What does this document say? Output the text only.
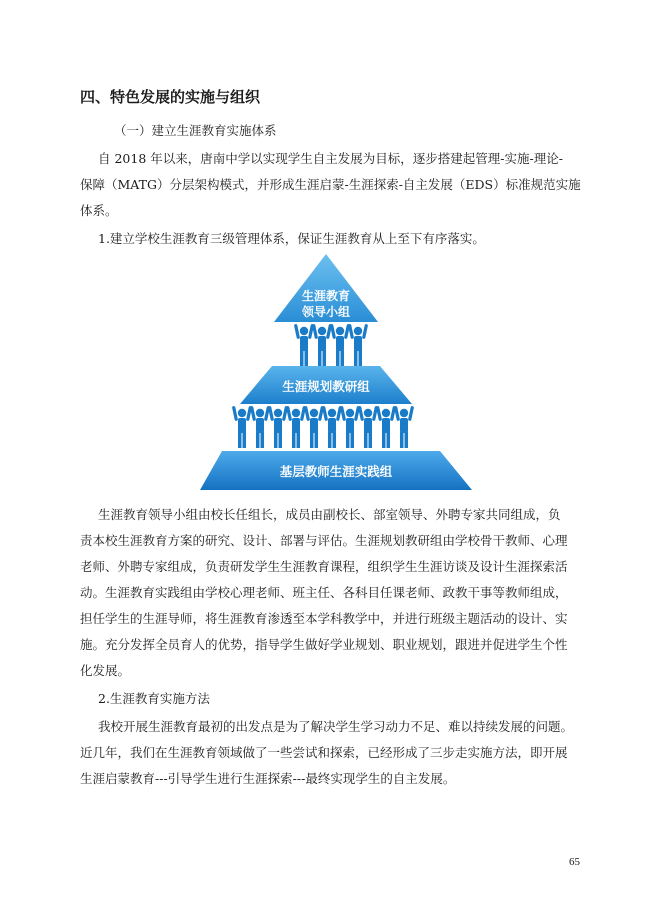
四、特色发展的实施与组织
（一）建立生涯教育实施体系
自 2018 年以来，唐南中学以实现学生自主发展为目标，逐步搭建起管理-实施-理论-
保障（MATG）分层架构模式，并形成生涯启蒙-生涯探索-自主发展（EDS）标准规范实施
体系。
1.建立学校生涯教育三级管理体系，保证生涯教育从上至下有序落实。
生涯教育
领导小组
生涯规划教研组
基层教师生涯实践组
生涯教育领导小组由校长任组长，成员由副校长、部室领导、外聘专家共同组成，负
责本校生涯教育方案的研究、设计、部署与评估。生涯规划教研组由学校骨干教师、心理
老师、外聘专家组成，负责研发学生生涯教育课程，组织学生生涯访谈及设计生涯探索活
动。生涯教育实践组由学校心理老师、班主任、各科目任课老师、政教干事等教师组成，
担任学生的生涯导师，将生涯教育渗透至本学科教学中，并进行班级主题活动的设计、实
施。充分发挥全员育人的优势，指导学生做好学业规划、职业规划，跟进并促进学生个性
化发展。
2.生涯教育实施方法
我校开展生涯教育最初的出发点是为了解决学生学习动力不足、难以持续发展的问题。
近几年，我们在生涯教育领域做了一些尝试和探索，已经形成了三步走实施方法，即开展
生涯启蒙教育---引导学生进行生涯探索---最终实现学生的自主发展。
65
